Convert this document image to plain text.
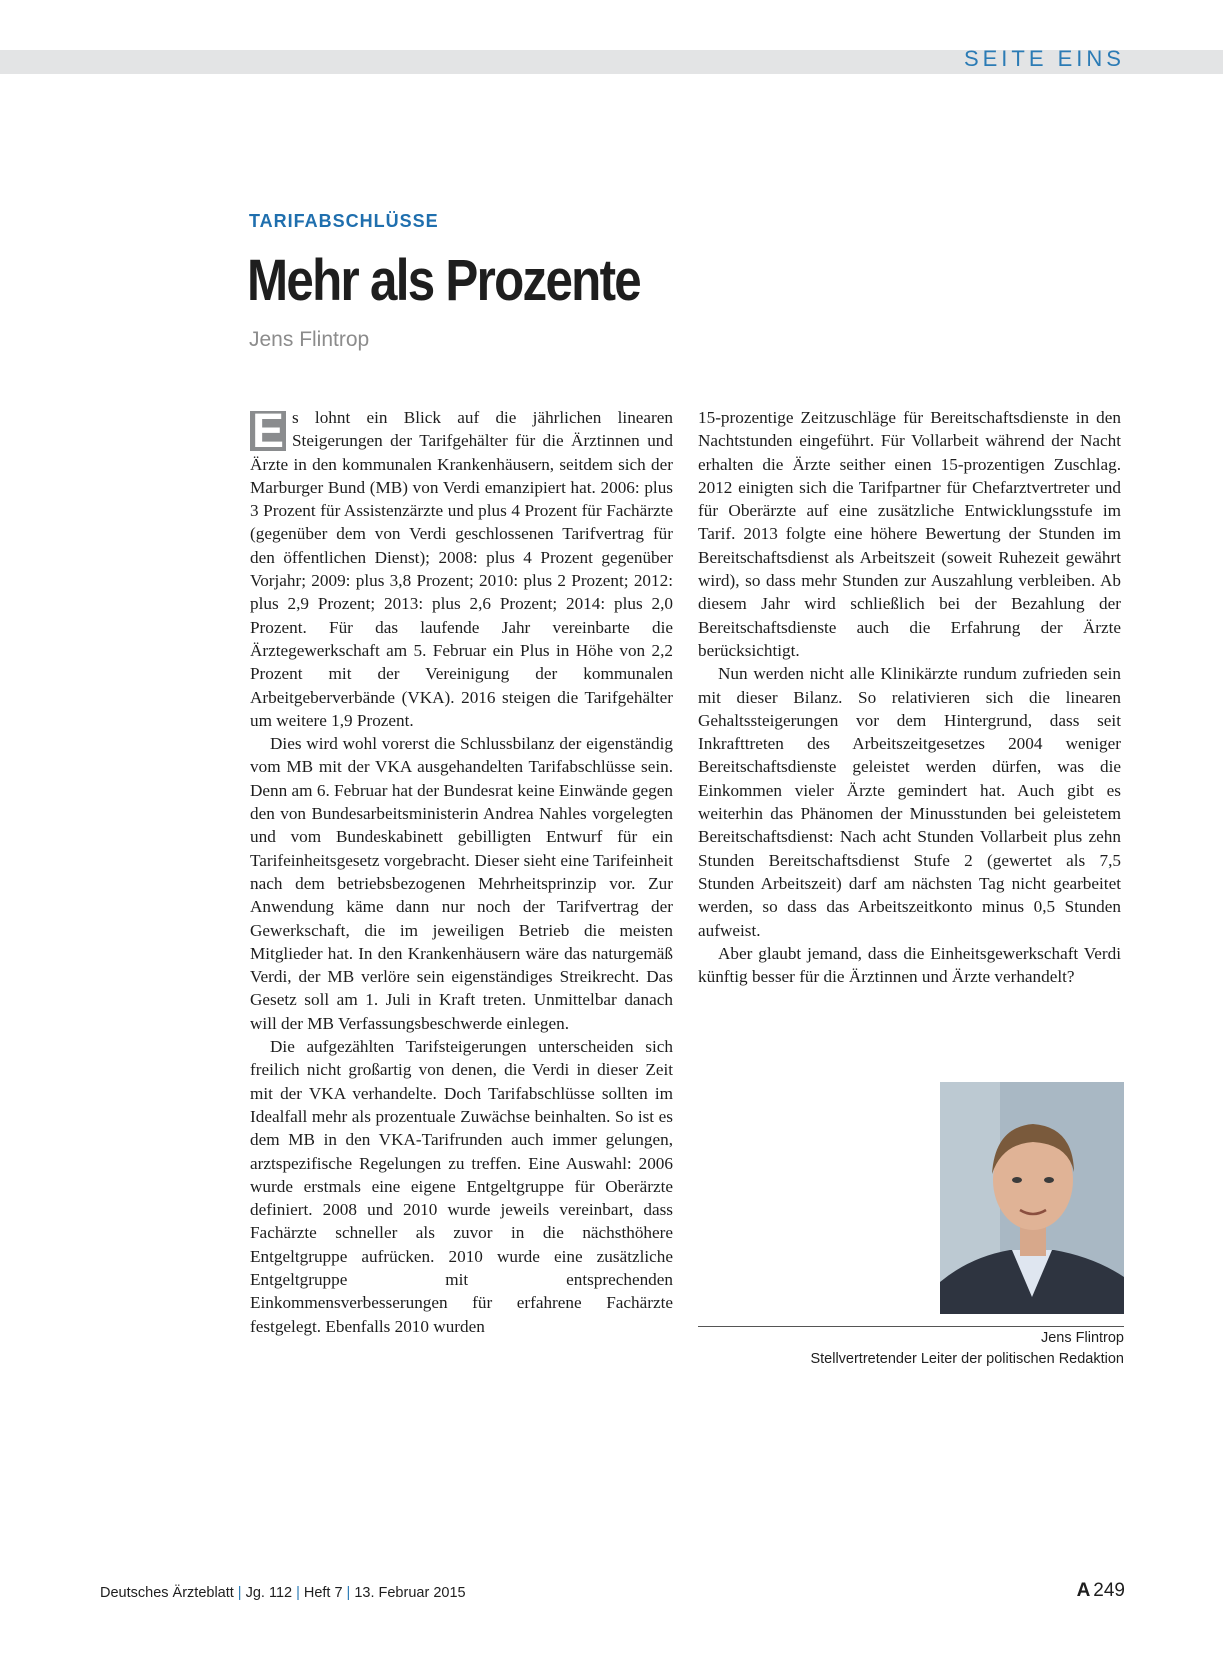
SEITE EINS
TARIFABSCHLÜSSE
Mehr als Prozente
Jens Flintrop

E s lohnt ein Blick auf die jährlichen linearen Steigerungen der Tarifgehälter für die Ärztinnen und Ärzte in den kommunalen Krankenhäusern, seitdem sich der Marburger Bund (MB) von Verdi emanzipiert hat. 2006: plus 3 Prozent für Assistenzärzte und plus 4 Prozent für Fachärzte (gegenüber dem von Verdi geschlossenen Tarifvertrag für den öffentlichen Dienst); 2008: plus 4 Prozent gegenüber Vorjahr; 2009: plus 3,8 Prozent; 2010: plus 2 Prozent; 2012: plus 2,9 Prozent; 2013: plus 2,6 Prozent; 2014: plus 2,0 Prozent. Für das laufende Jahr vereinbarte die Ärztegewerkschaft am 5. Februar ein Plus in Höhe von 2,2 Prozent mit der Vereinigung der kommunalen Arbeitgeberverbände (VKA). 2016 steigen die Tarifgehälter um weitere 1,9 Prozent.

Dies wird wohl vorerst die Schlussbilanz der eigenständig vom MB mit der VKA ausgehandelten Tarifabschlüsse sein. Denn am 6. Februar hat der Bundesrat keine Einwände gegen den von Bundesarbeitsministerin Andrea Nahles vorgelegten und vom Bundeskabinett gebilligten Entwurf für ein Tarifeinheitsgesetz vorgebracht. Dieser sieht eine Tarifeinheit nach dem betriebsbezogenen Mehrheitsprinzip vor. Zur Anwendung käme dann nur noch der Tarifvertrag der Gewerkschaft, die im jeweiligen Betrieb die meisten Mitglieder hat. In den Krankenhäusern wäre das naturgemäß Verdi, der MB verlöre sein eigenständiges Streikrecht. Das Gesetz soll am 1. Juli in Kraft treten. Unmittelbar danach will der MB Verfassungsbeschwerde einlegen.

Die aufgezählten Tarifsteigerungen unterscheiden sich freilich nicht großartig von denen, die Verdi in dieser Zeit mit der VKA verhandelte. Doch Tarifabschlüsse sollten im Idealfall mehr als prozentuale Zuwächse beinhalten. So ist es dem MB in den VKA-Tarifrunden auch immer gelungen, arztspezifische Regelungen zu treffen. Eine Auswahl: 2006 wurde erstmals eine eigene Entgeltgruppe für Oberärzte definiert. 2008 und 2010 wurde jeweils vereinbart, dass Fachärzte schneller als zuvor in die nächsthöhere Entgeltgruppe aufrücken. 2010 wurde eine zusätzliche Entgeltgruppe mit entsprechenden Einkommensverbesserungen für erfahrene Fachärzte festgelegt. Ebenfalls 2010 wurden

15-prozentige Zeitzuschläge für Bereitschaftsdienste in den Nachtstunden eingeführt. Für Vollarbeit während der Nacht erhalten die Ärzte seither einen 15-prozentigen Zuschlag. 2012 einigten sich die Tarifpartner für Chefarztvertreter und für Oberärzte auf eine zusätzliche Entwicklungsstufe im Tarif. 2013 folgte eine höhere Bewertung der Stunden im Bereitschaftsdienst als Arbeitszeit (soweit Ruhezeit gewährt wird), so dass mehr Stunden zur Auszahlung verbleiben. Ab diesem Jahr wird schließlich bei der Bezahlung der Bereitschaftsdienste auch die Erfahrung der Ärzte berücksichtigt.

Nun werden nicht alle Klinikärzte rundum zufrieden sein mit dieser Bilanz. So relativieren sich die linearen Gehaltssteigerungen vor dem Hintergrund, dass seit Inkrafttreten des Arbeitszeitgesetzes 2004 weniger Bereitschaftsdienste geleistet werden dürfen, was die Einkommen vieler Ärzte gemindert hat. Auch gibt es weiterhin das Phänomen der Minusstunden bei geleistetem Bereitschaftsdienst: Nach acht Stunden Vollarbeit plus zehn Stunden Bereitschaftsdienst Stufe 2 (gewertet als 7,5 Stunden Arbeitszeit) darf am nächsten Tag nicht gearbeitet werden, so dass das Arbeitszeitkonto minus 0,5 Stunden aufweist.

Aber glaubt jemand, dass die Einheitsgewerkschaft Verdi künftig besser für die Ärztinnen und Ärzte verhandelt?

Jens Flintrop
Stellvertretender Leiter der politischen Redaktion
Deutsches Ärzteblatt | Jg. 112 | Heft 7 | 13. Februar 2015	A 249
